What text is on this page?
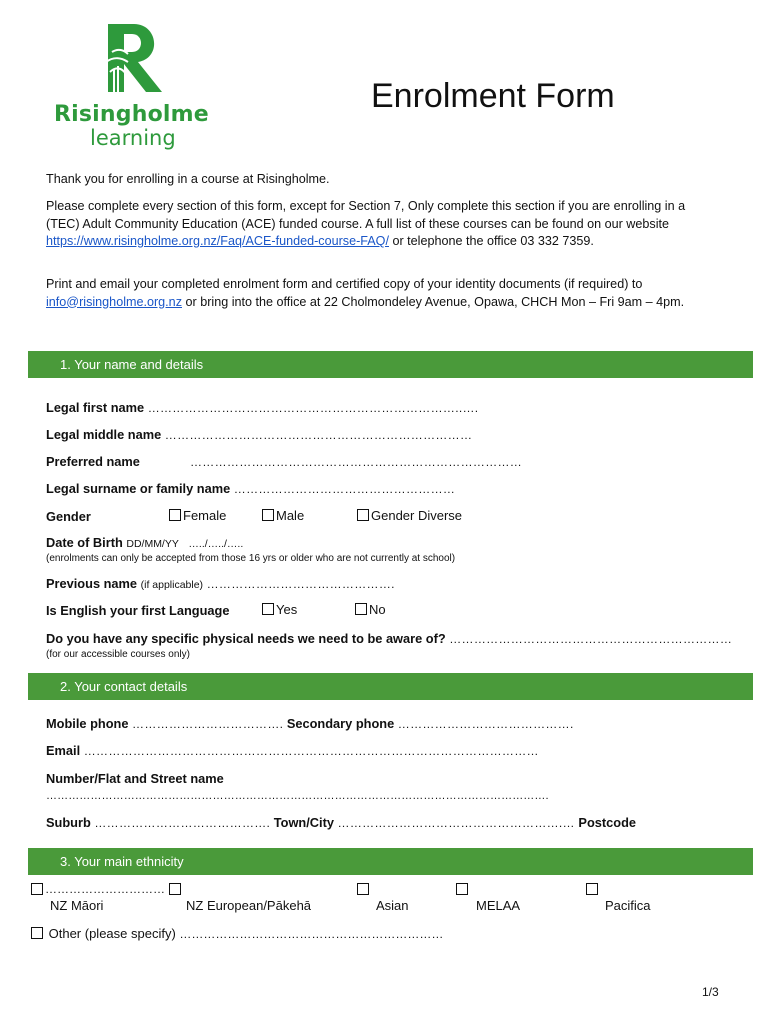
Risingholme
learning
Enrolment Form
Thank you for enrolling in a course at Risingholme.
Please complete every section of this form, except for Section 7, Only complete this section if you are enrolling in a (TEC) Adult Community Education (ACE) funded course. A full list of these courses can be found on our website https://www.risingholme.org.nz/Faq/ACE-funded-course-FAQ/ or telephone the office 03 332 7359.
Print and email your completed enrolment form and certified copy of your identity documents (if required) to info@risingholme.org.nz or bring into the office at 22 Cholmondeley Avenue, Opawa, CHCH Mon – Fri 9am – 4pm.
1. Your name and details
Legal first name …………………………………………………………………..….
Legal middle name …………………………………………………………………
Preferred name	………………………………………………………………………
Legal surname or family name ………………………………………………
Gender	Female	Male	Gender Diverse
Date of Birth DD/MM/YY …../…../…..
(enrolments can only be accepted from those 16 yrs or older who are not currently at school)
Previous name (if applicable) ……………………………………….
Is English your first Language	Yes	No
Do you have any specific physical needs we need to be aware of? ……………………………………………………………
(for our accessible courses only)
2. Your contact details
Mobile phone ………………………………. Secondary phone …………………………………….
Email …………………………………………………………………………………………………
Number/Flat and Street name
……………………………………………………………………………………………………………………….
Suburb ……………………………………. Town/City ……………………………………………….… Postcode
3. Your main ethnicity
…………………………
NZ Māori	NZ European/Pākehā	Asian	MELAA	Pacifica
Other (please specify) …………………………………………………………
1/3
